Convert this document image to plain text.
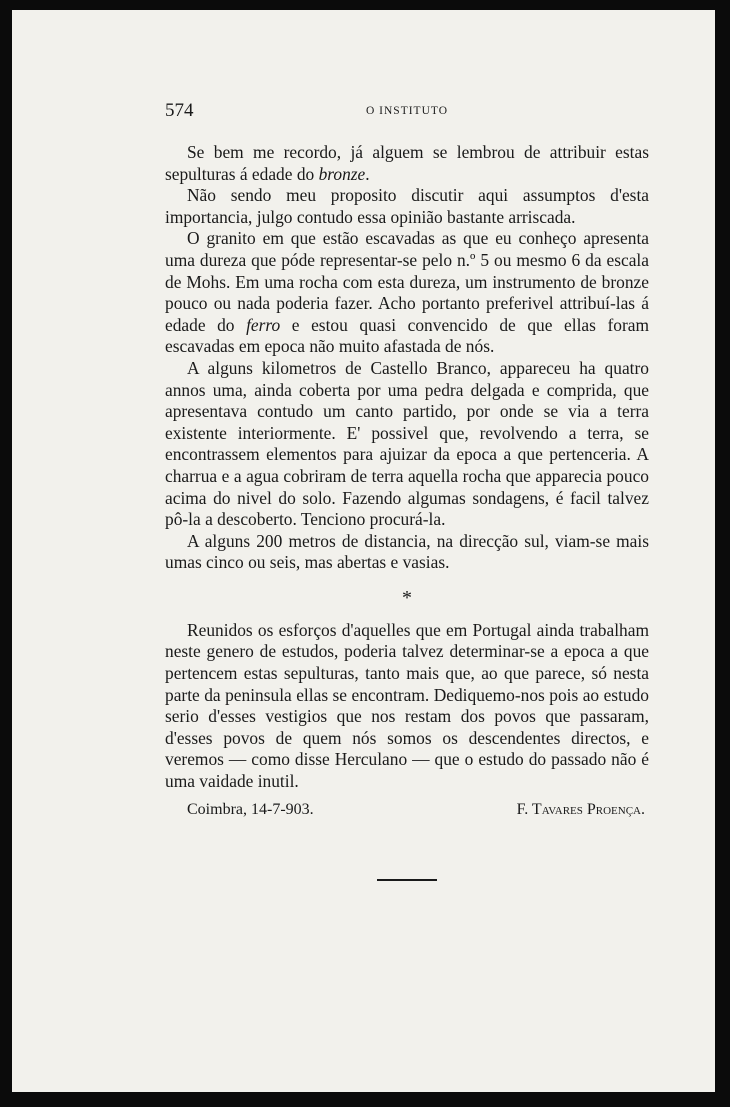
574	O INSTITUTO

Se bem me recordo, já alguem se lembrou de attribuir estas sepulturas á edade do bronze.

Não sendo meu proposito discutir aqui assumptos d'esta importancia, julgo contudo essa opinião bastante arriscada.

O granito em que estão escavadas as que eu conheço apresenta uma dureza que póde representar-se pelo n.º 5 ou mesmo 6 da escala de Mohs. Em uma rocha com esta dureza, um instrumento de bronze pouco ou nada poderia fazer. Acho portanto preferivel attribuí-las á edade do ferro e estou quasi convencido de que ellas foram escavadas em epoca não muito afastada de nós.

A alguns kilometros de Castello Branco, appareceu ha quatro annos uma, ainda coberta por uma pedra delgada e comprida, que apresentava contudo um canto partido, por onde se via a terra existente interiormente. E' possivel que, revolvendo a terra, se encontrassem elementos para ajuizar da epoca a que pertenceria. A charrua e a agua cobriram de terra aquella rocha que apparecia pouco acima do nivel do solo. Fazendo algumas sondagens, é facil talvez pô-la a descoberto. Tenciono procurá-la.

A alguns 200 metros de distancia, na direcção sul, viam-se mais umas cinco ou seis, mas abertas e vasias.

*

Reunidos os esforços d'aquelles que em Portugal ainda trabalham neste genero de estudos, poderia talvez determinar-se a epoca a que pertencem estas sepulturas, tanto mais que, ao que parece, só nesta parte da peninsula ellas se encontram. Dediquemo-nos pois ao estudo serio d'esses vestigios que nos restam dos povos que passaram, d'esses povos de quem nós somos os descendentes directos, e veremos — como disse Herculano — que o estudo do passado não é uma vaidade inutil.

Coimbra, 14-7-903.	F. Tavares Proença.
